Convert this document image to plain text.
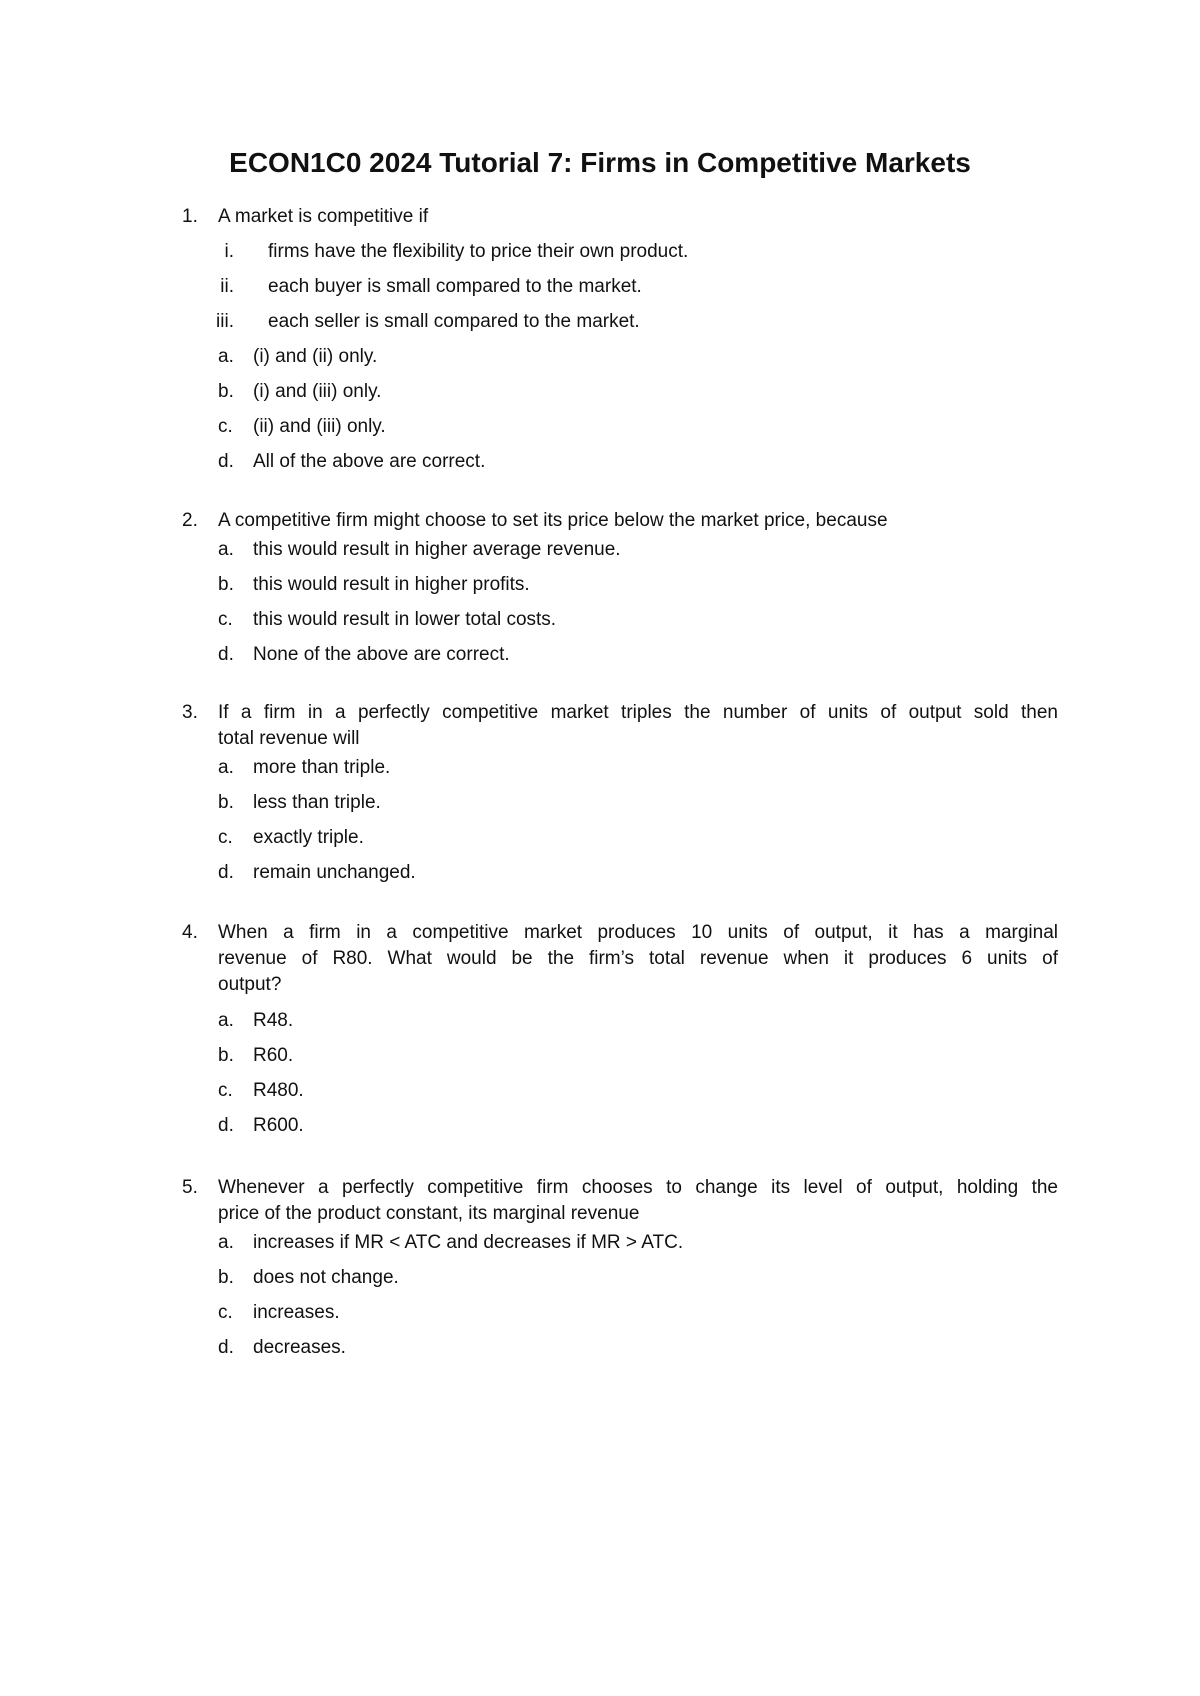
ECON1C0 2024 Tutorial 7: Firms in Competitive Markets
1. A market is competitive if
i. firms have the flexibility to price their own product.
ii. each buyer is small compared to the market.
iii. each seller is small compared to the market.
a. (i) and (ii) only.
b. (i) and (iii) only.
c. (ii) and (iii) only.
d. All of the above are correct.
2. A competitive firm might choose to set its price below the market price, because
a. this would result in higher average revenue.
b. this would result in higher profits.
c. this would result in lower total costs.
d. None of the above are correct.
3. If a firm in a perfectly competitive market triples the number of units of output sold then
total revenue will
a. more than triple.
b. less than triple.
c. exactly triple.
d. remain unchanged.
4. When a firm in a competitive market produces 10 units of output, it has a marginal
revenue of R80. What would be the firm’s total revenue when it produces 6 units of
output?
a. R48.
b. R60.
c. R480.
d. R600.
5. Whenever a perfectly competitive firm chooses to change its level of output, holding the
price of the product constant, its marginal revenue
a. increases if MR < ATC and decreases if MR > ATC.
b. does not change.
c. increases.
d. decreases.
